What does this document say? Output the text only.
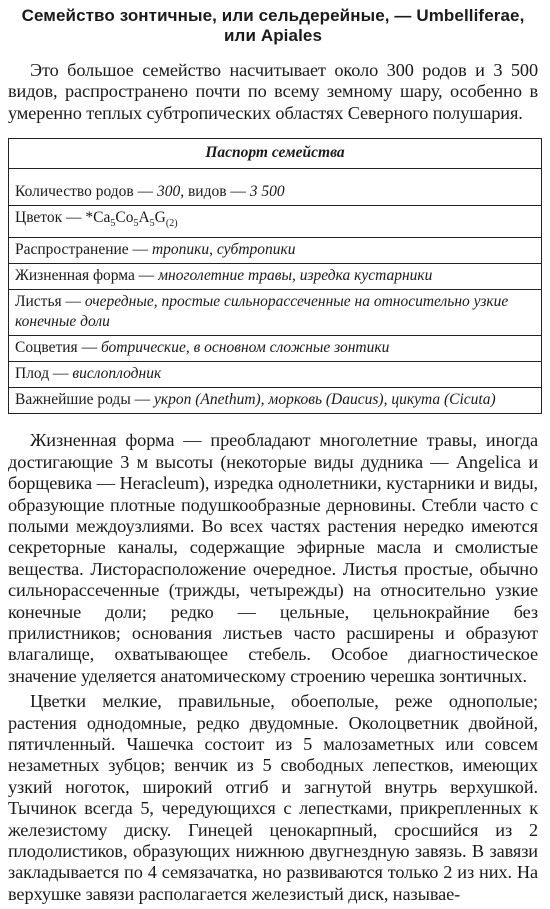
Семейство зонтичные, или сельдерейные, — Umbelliferae,
или Apiales

Это большое семейство насчитывает около 300 родов и 3 500 видов, распространено почти по всему земному шару, особенно в умеренно теплых субтропических областях Северного полушария.

Паспорт семейства
Количество родов — 300, видов — 3 500
Цветок — $*Ca_5Co_5A_5G_{(2)}$
Распространение — тропики, субтропики
Жизненная форма — многолетние травы, изредка кустарники
Листья — очередные, простые сильнорассеченные на относительно узкие конечные доли
Соцветия — ботрические, в основном сложные зонтики
Плод — вислоплодник
Важнейшие роды — укроп (Anethum), морковь (Daucus), цикута (Cicuta)

Жизненная форма — преобладают многолетние травы, иногда достигающие 3 м высоты (некоторые виды дудника — Angelica и борщевика — Heracleum), изредка однолетники, кустарники и виды, образующие плотные подушкообразные дерновины. Стебли часто с полыми междоузлиями. Во всех частях растения нередко имеются секреторные каналы, содержащие эфирные масла и смолистые вещества. Листорасположение очередное. Листья простые, обычно сильнорассеченные (трижды, четырежды) на относительно узкие конечные доли; редко — цельные, цельнокрайние без прилистников; основания листьев часто расширены и образуют влагалище, охватывающее стебель. Особое диагностическое значение уделяется анатомическому строению черешка зонтичных.

Цветки мелкие, правильные, обоеполые, реже однополые; растения однодомные, редко двудомные. Околоцветник двойной, пятичленный. Чашечка состоит из 5 малозаметных или совсем незаметных зубцов; венчик из 5 свободных лепестков, имеющих узкий ноготок, широкий отгиб и загнутой внутрь верхушкой. Тычинок всегда 5, чередующихся с лепестками, прикрепленных к железистому диску. Гинецей ценокарпный, сросшийся из 2 плодолистиков, образующих нижнюю двугнездную завязь. В завязи закладывается по 4 семязачатка, но развиваются только 2 из них. На верхушке завязи располагается железистый диск, называе-
